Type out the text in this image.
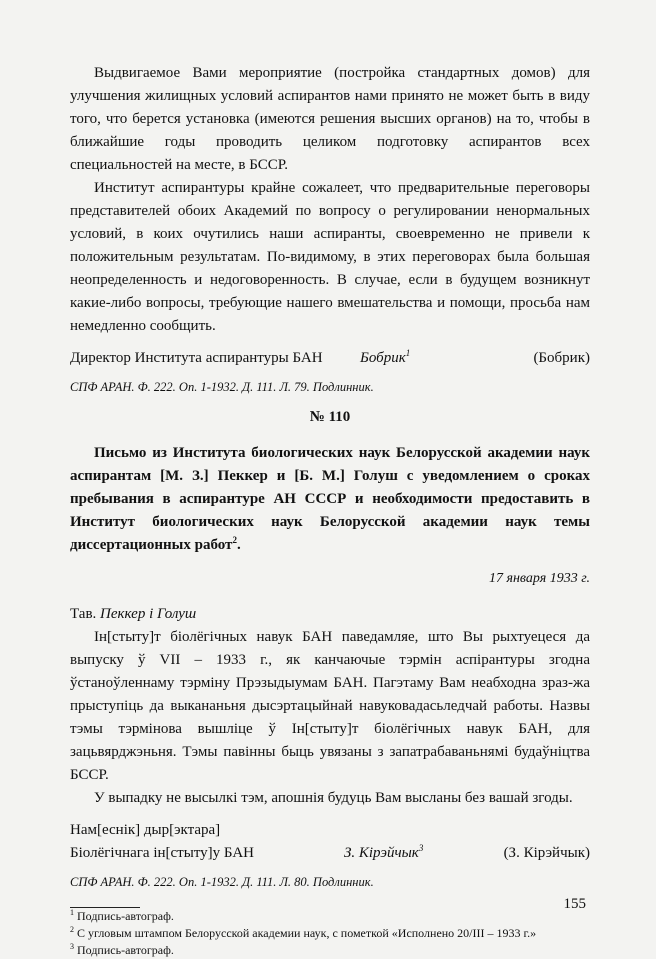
Выдвигаемое Вами мероприятие (постройка стандартных домов) для улучшения жилищных условий аспирантов нами принято не может быть в виду того, что берется установка (имеются решения высших органов) на то, чтобы в ближайшие годы проводить целиком подготовку аспирантов всех специальностей на месте, в БССР.

Институт аспирантуры крайне сожалеет, что предварительные переговоры представителей обоих Академий по вопросу о регулировании ненормальных условий, в коих очутились наши аспиранты, своевременно не привели к положительным результатам. По-видимому, в этих переговорах была большая неопределенность и недоговоренность. В случае, если в будущем возникнут какие-либо вопросы, требующие нашего вмешательства и помощи, просьба нам немедленно сообщить.

Директор Института аспирантуры БАН	Бобрик$^1$	(Бобрик)
СПФ АРАН. Ф. 222. Оп. 1-1932. Д. 111. Л. 79. Подлинник.
№ 110
Письмо из Института биологических наук Белорусской академии наук аспирантам [М. З.] Пеккер и [Б. М.] Голуш с уведомлением о сроках пребывания в аспирантуре АН СССР и необходимости предоставить в Институт биологических наук Белорусской академии наук темы диссертационных работ$^2$.
17 января 1933 г.
Тав. Пеккер і Голуш

Ін[стыту]т біолёгічных навук БАН паведамляе, што Вы рыхтуецеся да выпуску ў VII – 1933 г., як канчаючые тэрмін аспірантуры згодна ўстаноўленнаму тэрміну Прэзыдыумам БАН. Пагэтаму Вам неабходна зраз-жа прыступіць да выкананьня дысэртацыйнай навуковадасьледчай работы. Назвы тэмы тэрмінова вышліце ў Ін[стыту]т біолёгічных навук БАН, для зацьвярджэньня. Тэмы павінны быць увязаны з запатрабаваньнямі будаўніцтва БССР.

У выпадку не высылкі тэм, апошнія будуць Вам высланы без вашай згоды.

Нам[еснік] дыр[эктара]
Біолёгічнага ін[стыту]у БАН	З. Кірэйчык$^3$	(З. Кірэйчык)
СПФ АРАН. Ф. 222. Оп. 1-1932. Д. 111. Л. 80. Подлинник.
$^1$ Подпись-автограф.
$^2$ С угловым штампом Белорусской академии наук, с пометкой «Исполнено 20/III – 1933 г.»
$^3$ Подпись-автограф.
155
